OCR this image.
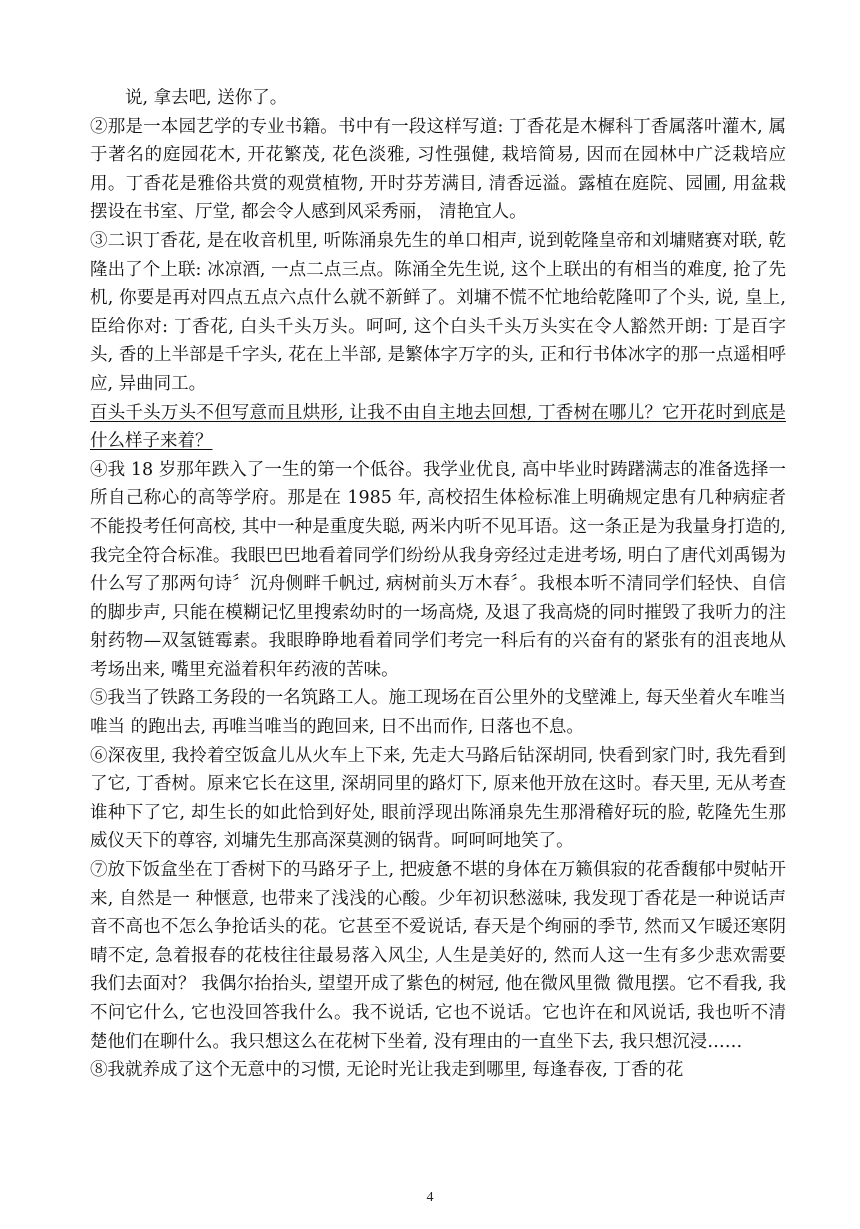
说, 拿去吧, 送你了。

②那是一本园艺学的专业书籍。书中有一段这样写道: 丁香花是木樨科丁香属落叶灌木, 属于著名的庭园花木, 开花繁茂, 花色淡雅, 习性强健, 栽培简易, 因而在园林中广泛栽培应用。丁香花是雅俗共赏的观赏植物, 开时芬芳满目, 清香远溢。露植在庭院、园圃, 用盆栽摆设在书室、厅堂, 都会令人感到风采秀丽， 清艳宜人。

③二识丁香花, 是在收音机里, 听陈涌泉先生的单口相声, 说到乾隆皇帝和刘墉赌赛对联, 乾隆出了个上联: 冰凉酒, 一点二点三点。陈涌全先生说, 这个上联出的有相当的难度, 抢了先机, 你要是再对四点五点六点什么就不新鲜了。刘墉不慌不忙地给乾隆叩了个头, 说, 皇上, 臣给你对: 丁香花, 白头千头万头。呵呵, 这个白头千头万头实在令人豁然开朗: 丁是百字头, 香的上半部是千字头, 花在上半部, 是繁体字万字的头, 正和行书体冰字的那一点遥相呼应, 异曲同工。

百头千头万头不但写意而且烘形, 让我不由自主地去回想, 丁香树在哪儿？它开花时到底是什么样子来着？

④我 18 岁那年跌入了一生的第一个低谷。我学业优良, 高中毕业时踌躇满志的准备选择一所自己称心的高等学府。那是在 1985 年, 高校招生体检标准上明确规定患有几种病症者不能投考任何高校, 其中一种是重度失聪, 两米内听不见耳语。这一条正是为我量身打造的, 我完全符合标准。我眼巴巴地看着同学们纷纷从我身旁经过走进考场, 明白了唐代刘禹锡为什么写了那两句诗〞沉舟侧畔千帆过, 病树前头万木春〞。我根本听不清同学们轻快、自信的脚步声, 只能在模糊记忆里搜索幼时的一场高烧, 及退了我高烧的同时摧毁了我听力的注射药物—双氢链霉素。我眼睁睁地看着同学们考完一科后有的兴奋有的紧张有的沮丧地从考场出来, 嘴里充溢着积年药液的苦味。

⑤我当了铁路工务段的一名筑路工人。施工现场在百公里外的戈壁滩上, 每天坐着火车唯当唯当 的跑出去, 再唯当唯当的跑回来, 日不出而作, 日落也不息。

⑥深夜里, 我拎着空饭盒儿从火车上下来, 先走大马路后钻深胡同, 快看到家门时, 我先看到了它, 丁香树。原来它长在这里, 深胡同里的路灯下, 原来他开放在这时。春天里, 无从考查谁种下了它, 却生长的如此恰到好处, 眼前浮现出陈涌泉先生那滑稽好玩的脸, 乾隆先生那威仪天下的尊容, 刘墉先生那高深莫测的锅背。呵呵呵地笑了。

⑦放下饭盒坐在丁香树下的马路牙子上, 把疲惫不堪的身体在万籁俱寂的花香馥郁中熨帖开来, 自然是一 种惬意, 也带来了浅浅的心酸。少年初识愁滋味, 我发现丁香花是一种说话声音不高也不怎么争抢话头的花。它甚至不爱说话, 春天是个绚丽的季节, 然而又乍暖还寒阴晴不定, 急着报春的花枝往往最易落入风尘, 人生是美好的, 然而人这一生有多少悲欢需要我们去面对？ 我偶尔抬抬头, 望望开成了紫色的树冠, 他在微风里微 微甩摆。它不看我, 我不问它什么, 它也没回答我什么。我不说话, 它也不说话。它也许在和风说话, 我也听不清楚他们在聊什么。我只想这么在花树下坐着, 没有理由的一直坐下去, 我只想沉浸……

⑧我就养成了这个无意中的习惯, 无论时光让我走到哪里, 每逢春夜, 丁香的花

4
